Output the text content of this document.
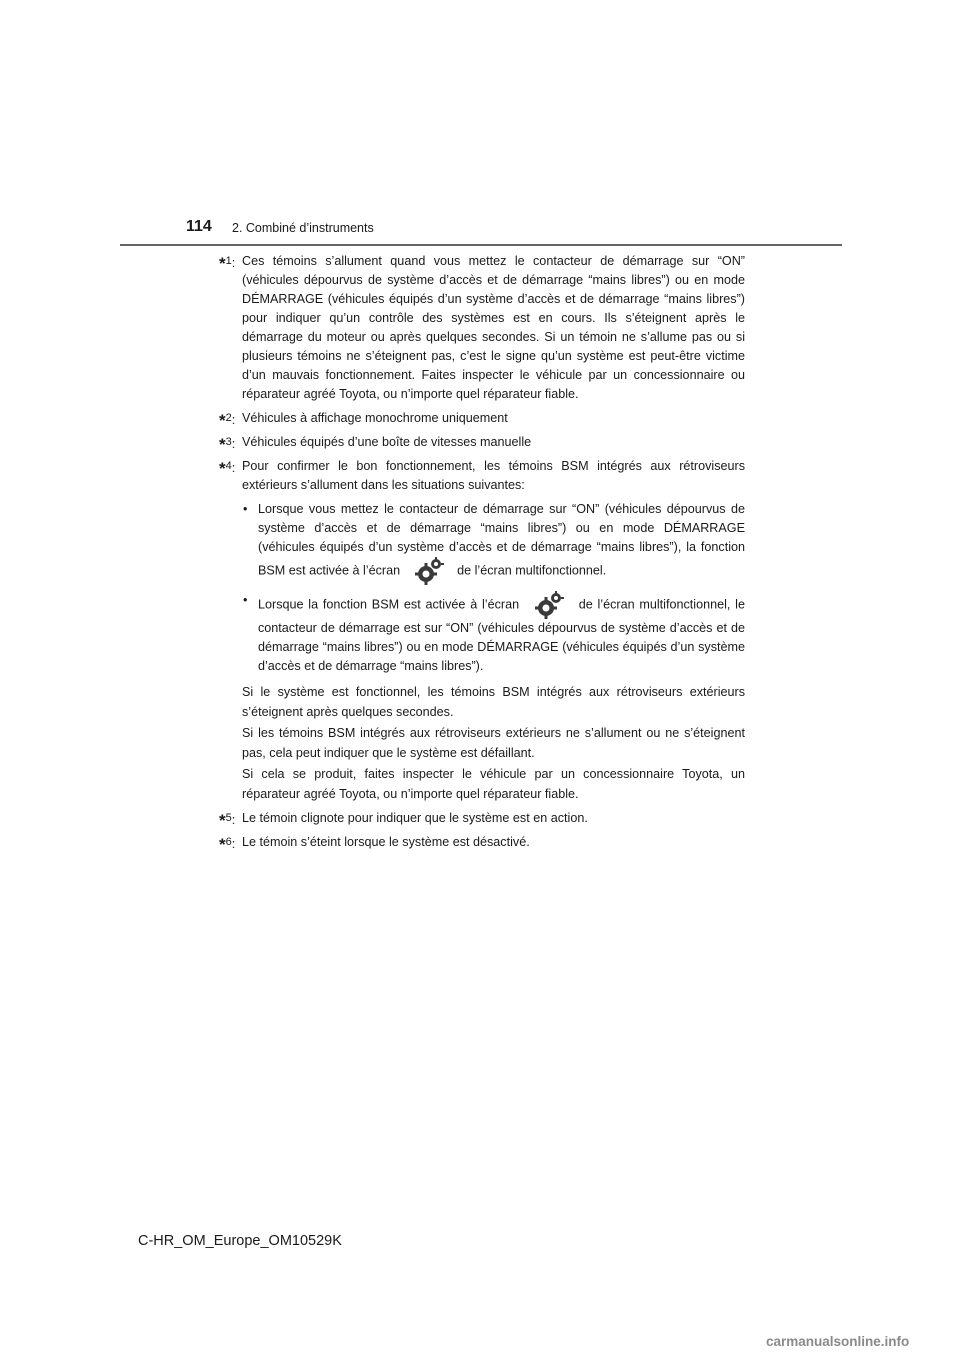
114 2. Combiné d’instruments
*1: Ces témoins s’allument quand vous mettez le contacteur de démarrage sur “ON” (véhicules dépourvus de système d’accès et de démarrage “mains libres”) ou en mode DÉMARRAGE (véhicules équipés d’un système d’accès et de démarrage “mains libres”) pour indiquer qu’un contrôle des systèmes est en cours. Ils s’éteignent après le démarrage du moteur ou après quelques secondes. Si un témoin ne s’allume pas ou si plusieurs témoins ne s’éteignent pas, c’est le signe qu’un système est peut-être victime d’un mauvais fonctionnement. Faites inspecter le véhicule par un concessionnaire ou réparateur agréé Toyota, ou n’importe quel réparateur fiable.
*2: Véhicules à affichage monochrome uniquement
*3: Véhicules équipés d’une boîte de vitesses manuelle
*4: Pour confirmer le bon fonctionnement, les témoins BSM intégrés aux rétroviseurs extérieurs s’allument dans les situations suivantes:
• Lorsque vous mettez le contacteur de démarrage sur “ON” (véhicules dépourvus de système d’accès et de démarrage “mains libres”) ou en mode DÉMARRAGE (véhicules équipés d’un système d’accès et de démarrage “mains libres”), la fonction BSM est activée à l’écran	de l’écran multifonctionnel.
• Lorsque la fonction BSM est activée à l’écran	de l’écran multifonctionnel, le contacteur de démarrage est sur “ON” (véhicules dépourvus de système d’accès et de démarrage “mains libres”) ou en mode DÉMARRAGE (véhicules équipés d’un système d’accès et de démarrage “mains libres”).

Si le système est fonctionnel, les témoins BSM intégrés aux rétroviseurs extérieurs s’éteignent après quelques secondes.

Si les témoins BSM intégrés aux rétroviseurs extérieurs ne s’allument ou ne s’éteignent pas, cela peut indiquer que le système est défaillant.

Si cela se produit, faites inspecter le véhicule par un concessionnaire Toyota, un réparateur agréé Toyota, ou n’importe quel réparateur fiable.

*5: Le témoin clignote pour indiquer que le système est en action.
*6: Le témoin s’éteint lorsque le système est désactivé.
C-HR_OM_Europe_OM10529K
carmanualsonline.info
